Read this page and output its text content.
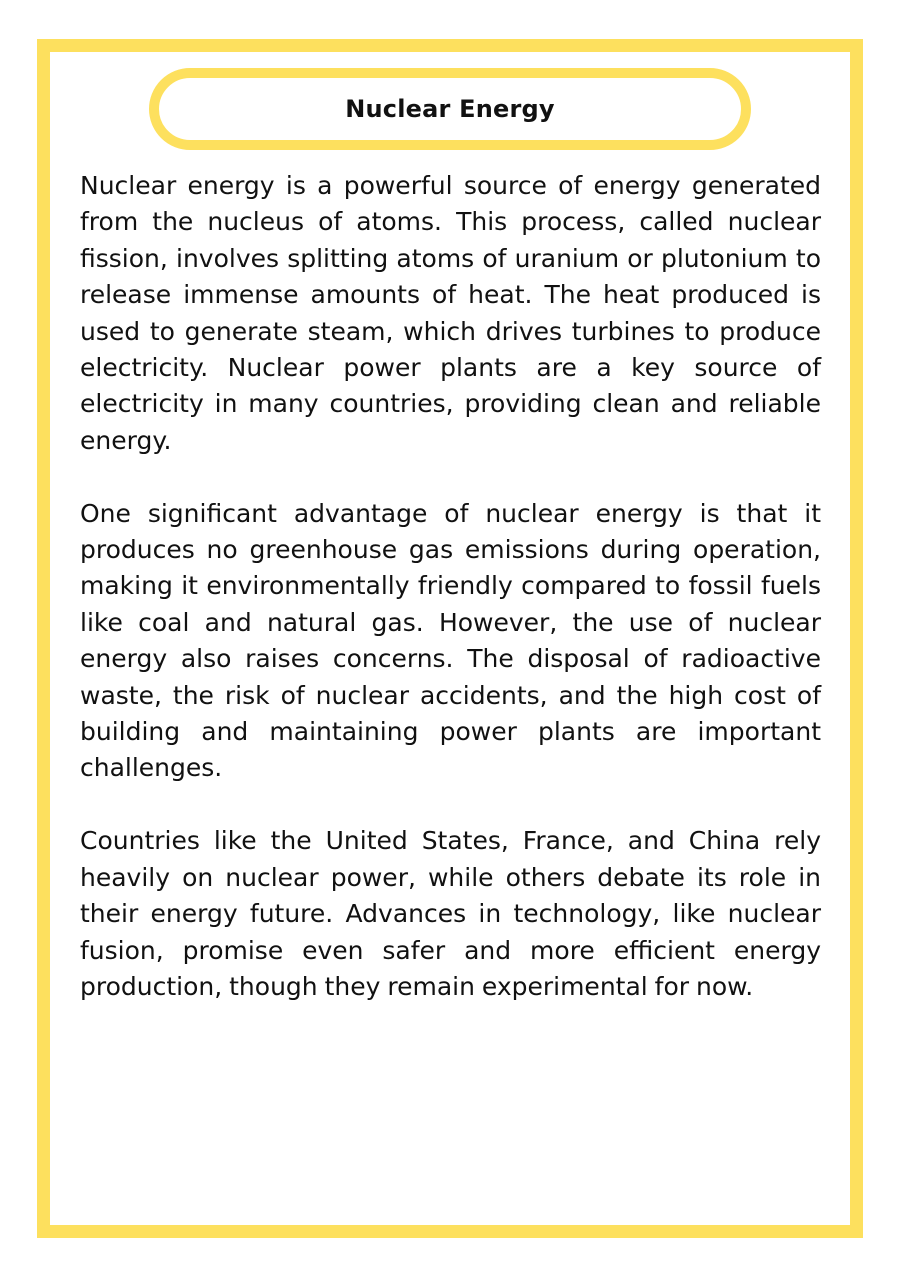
Nuclear Energy

Nuclear energy is a powerful source of energy generated from the nucleus of atoms. This process, called nuclear fission, involves splitting atoms of uranium or plutonium to release immense amounts of heat. The heat produced is used to generate steam, which drives turbines to produce electricity. Nuclear power plants are a key source of electricity in many countries, providing clean and reliable energy.

One significant advantage of nuclear energy is that it produces no greenhouse gas emissions during operation, making it environmentally friendly compared to fossil fuels like coal and natural gas. However, the use of nuclear energy also raises concerns. The disposal of radioactive waste, the risk of nuclear accidents, and the high cost of building and maintaining power plants are important challenges.

Countries like the United States, France, and China rely heavily on nuclear power, while others debate its role in their energy future. Advances in technology, like nuclear fusion, promise even safer and more efficient energy production, though they remain experimental for now.
